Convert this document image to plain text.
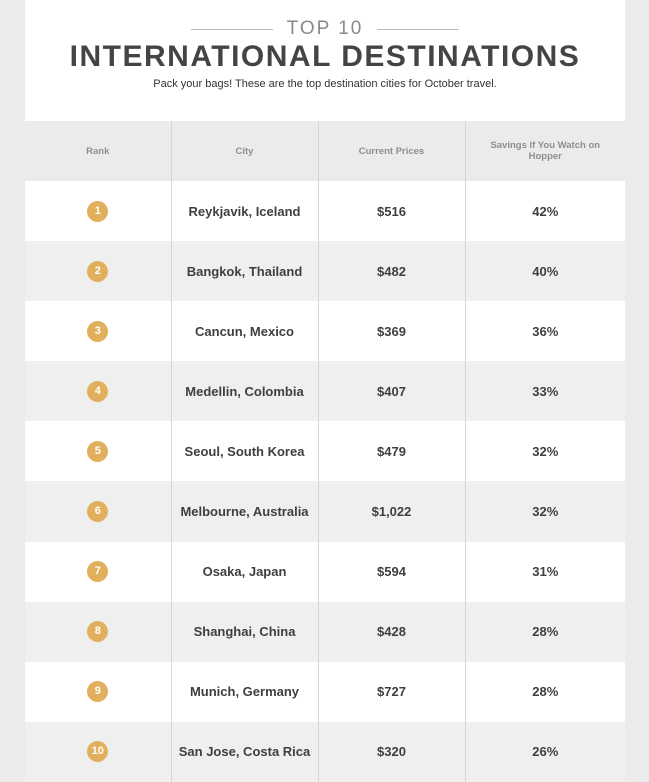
TOP 10
INTERNATIONAL DESTINATIONS
Pack your bags! These are the top destination cities for October travel.
Rank	City	Current Prices	Savings If You Watch on Hopper
1	Reykjavik, Iceland	$516	42%
2	Bangkok, Thailand	$482	40%
3	Cancun, Mexico	$369	36%
4	Medellin, Colombia	$407	33%
5	Seoul, South Korea	$479	32%
6	Melbourne, Australia	$1,022	32%
7	Osaka, Japan	$594	31%
8	Shanghai, China	$428	28%
9	Munich, Germany	$727	28%
10	San Jose, Costa Rica	$320	26%
